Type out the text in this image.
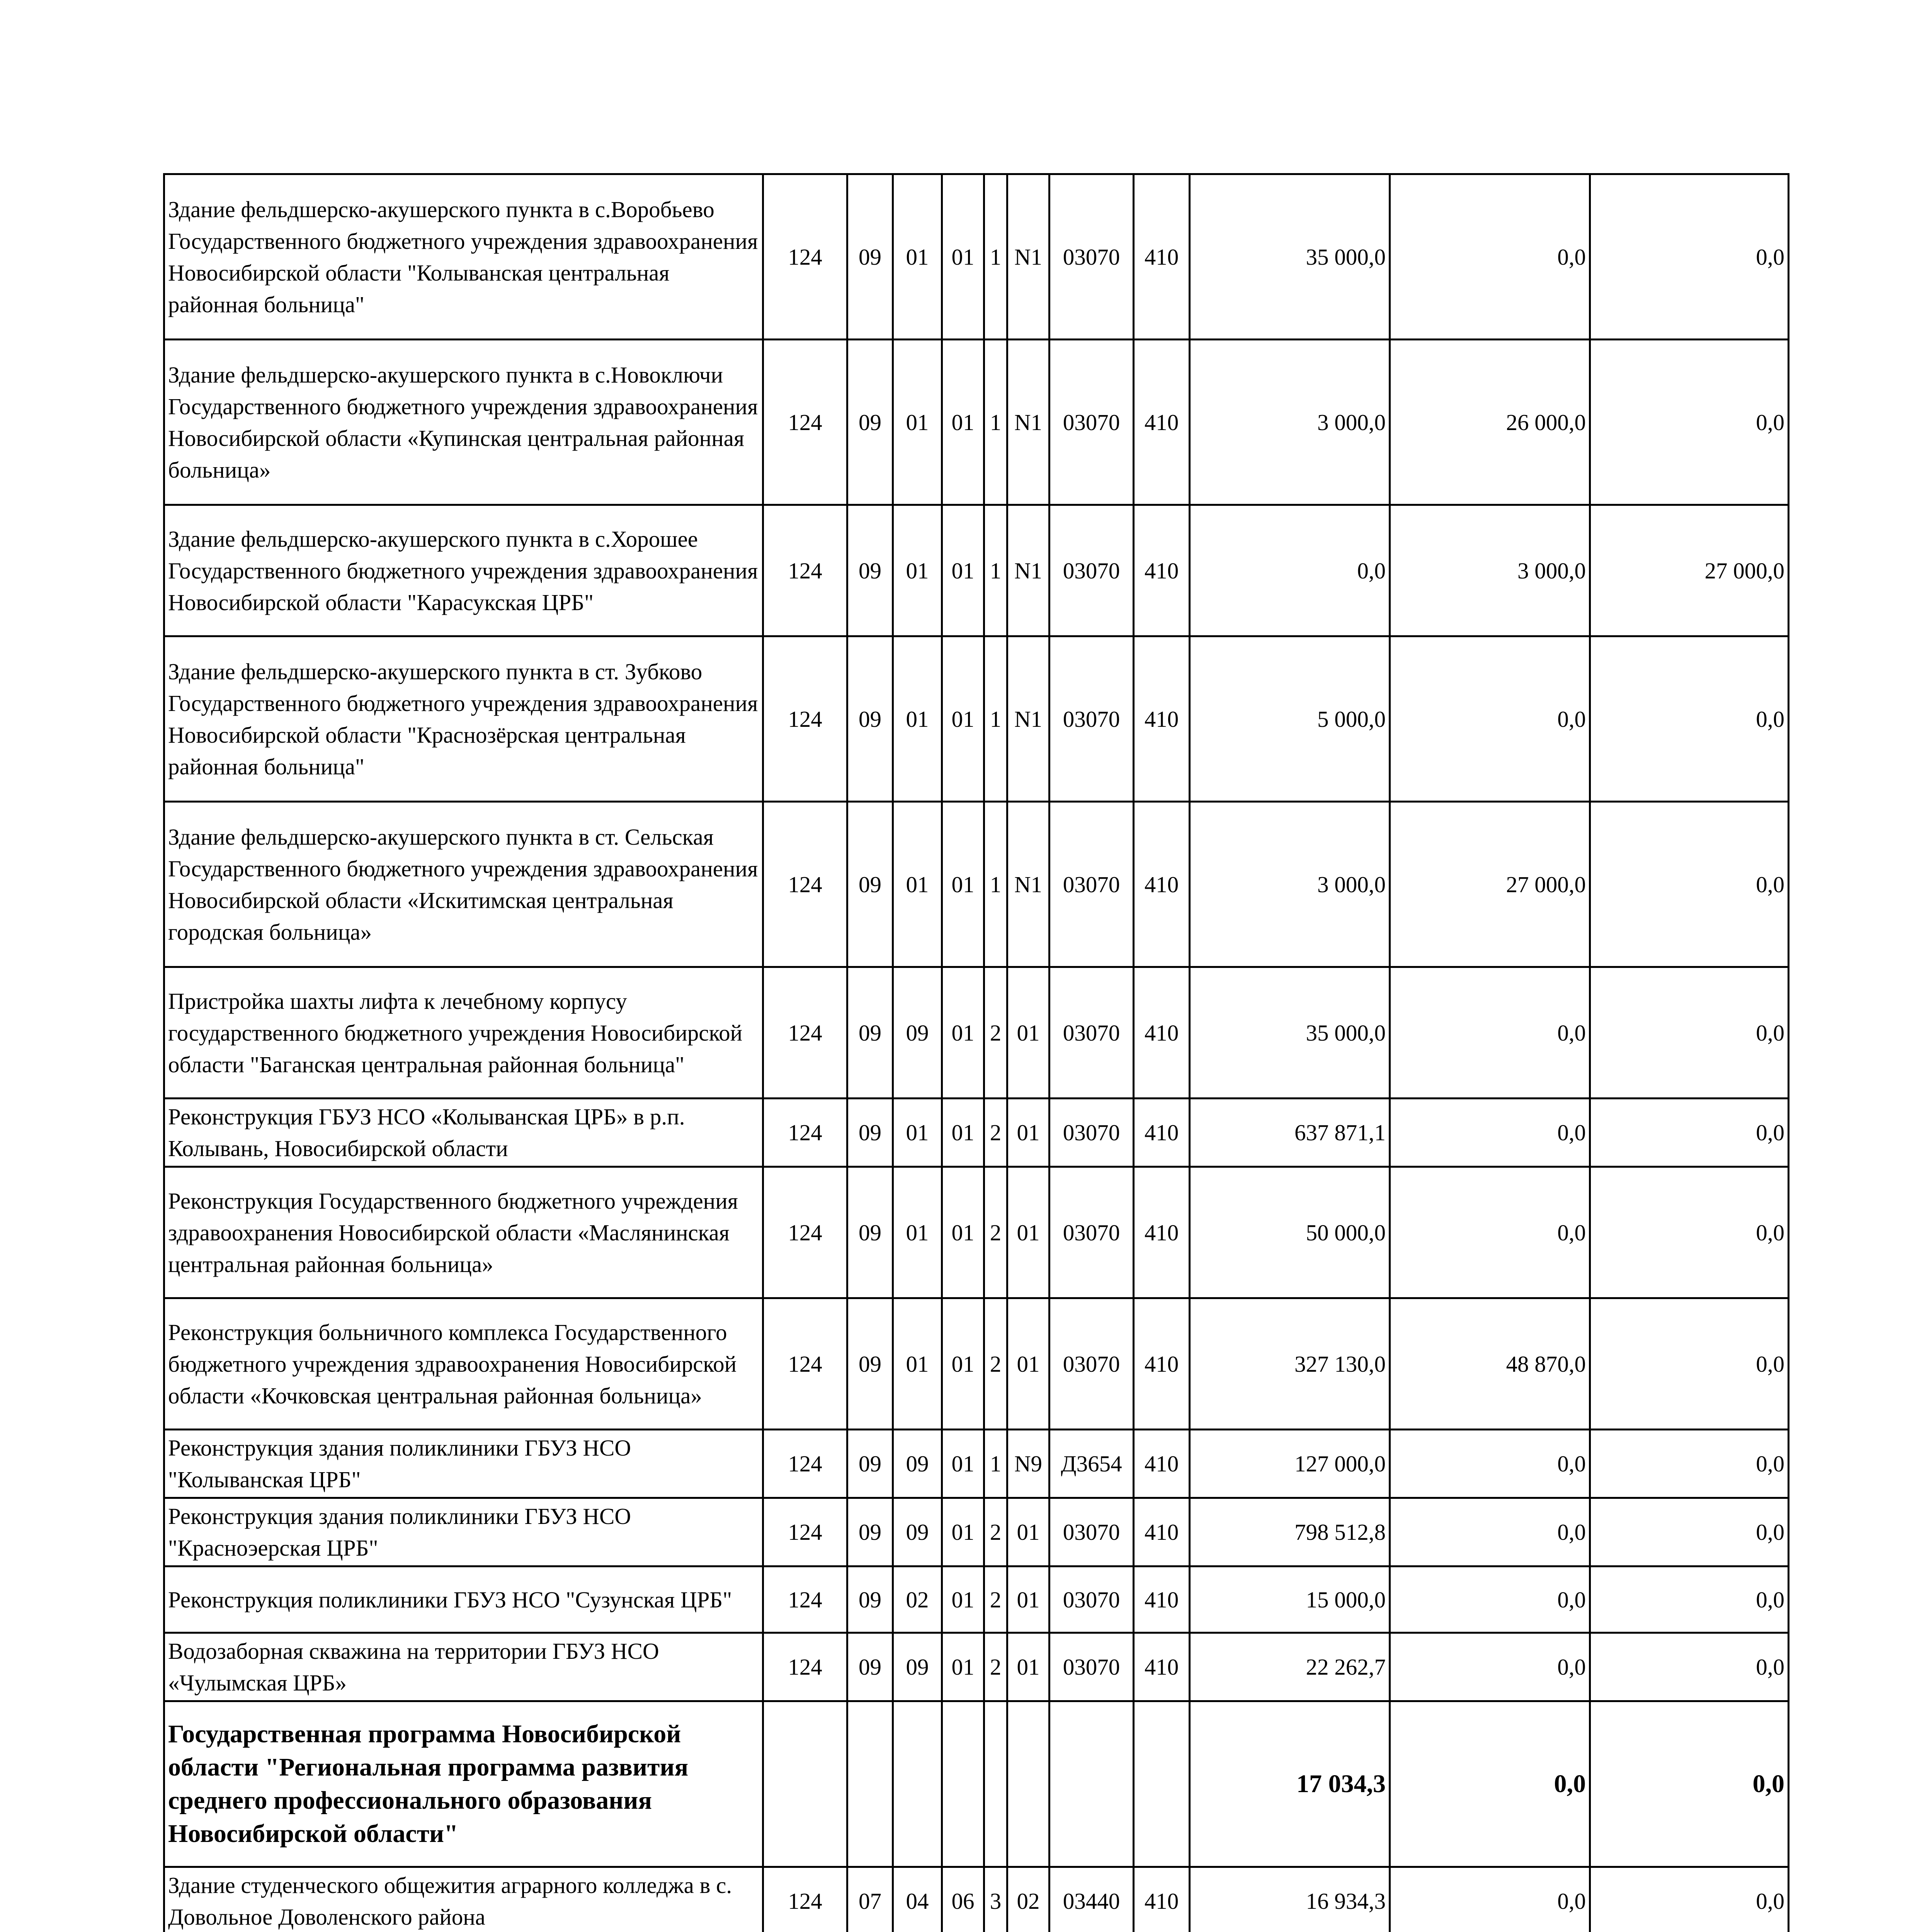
Здание фельдшерско-акушерского пункта в с.Воробьево Государственного бюджетного учреждения здравоохранения Новосибирской области "Колыванская центральная районная больница"	124	09	01	01	1	N1	03070	410	35 000,0	0,0	0,0
Здание фельдшерско-акушерского пункта в с.Новоключи Государственного бюджетного учреждения здравоохранения Новосибирской области «Купинская центральная районная больница»	124	09	01	01	1	N1	03070	410	3 000,0	26 000,0	0,0
Здание фельдшерско-акушерского пункта в с.Хорошее Государственного бюджетного учреждения здравоохранения Новосибирской области "Карасукская ЦРБ"	124	09	01	01	1	N1	03070	410	0,0	3 000,0	27 000,0
Здание фельдшерско-акушерского пункта в ст. Зубково Государственного бюджетного учреждения здравоохранения Новосибирской области "Краснозёрская центральная районная больница"	124	09	01	01	1	N1	03070	410	5 000,0	0,0	0,0
Здание фельдшерско-акушерского пункта в ст. Сельская Государственного бюджетного учреждения здравоохранения Новосибирской области «Искитимская центральная городская больница»	124	09	01	01	1	N1	03070	410	3 000,0	27 000,0	0,0
Пристройка шахты лифта к лечебному корпусу государственного бюджетного учреждения Новосибирской области "Баганская центральная районная больница"	124	09	09	01	2	01	03070	410	35 000,0	0,0	0,0
Реконструкция ГБУЗ НСО «Колыванская ЦРБ» в р.п. Колывань, Новосибирской области	124	09	01	01	2	01	03070	410	637 871,1	0,0	0,0
Реконструкция Государственного бюджетного учреждения здравоохранения Новосибирской области «Маслянинская центральная районная больница»	124	09	01	01	2	01	03070	410	50 000,0	0,0	0,0
Реконструкция больничного комплекса Государственного бюджетного учреждения здравоохранения Новосибирской области «Кочковская центральная районная больница»	124	09	01	01	2	01	03070	410	327 130,0	48 870,0	0,0
Реконструкция здания поликлиники ГБУЗ НСО "Колыванская ЦРБ"	124	09	09	01	1	N9	Д3654	410	127 000,0	0,0	0,0
Реконструкция здания поликлиники ГБУЗ НСО "Красноэерская ЦРБ"	124	09	09	01	2	01	03070	410	798 512,8	0,0	0,0
Реконструкция поликлиники ГБУЗ НСО "Сузунская ЦРБ"	124	09	02	01	2	01	03070	410	15 000,0	0,0	0,0
Водозаборная скважина на территории ГБУЗ НСО «Чулымская ЦРБ»	124	09	09	01	2	01	03070	410	22 262,7	0,0	0,0
Государственная программа Новосибирской области "Региональная программа развития среднего профессионального образования Новосибирской области"									17 034,3	0,0	0,0
Здание студенческого общежития аграрного колледжа в с. Довольное Доволенского района	124	07	04	06	3	02	03440	410	16 934,3	0,0	0,0
